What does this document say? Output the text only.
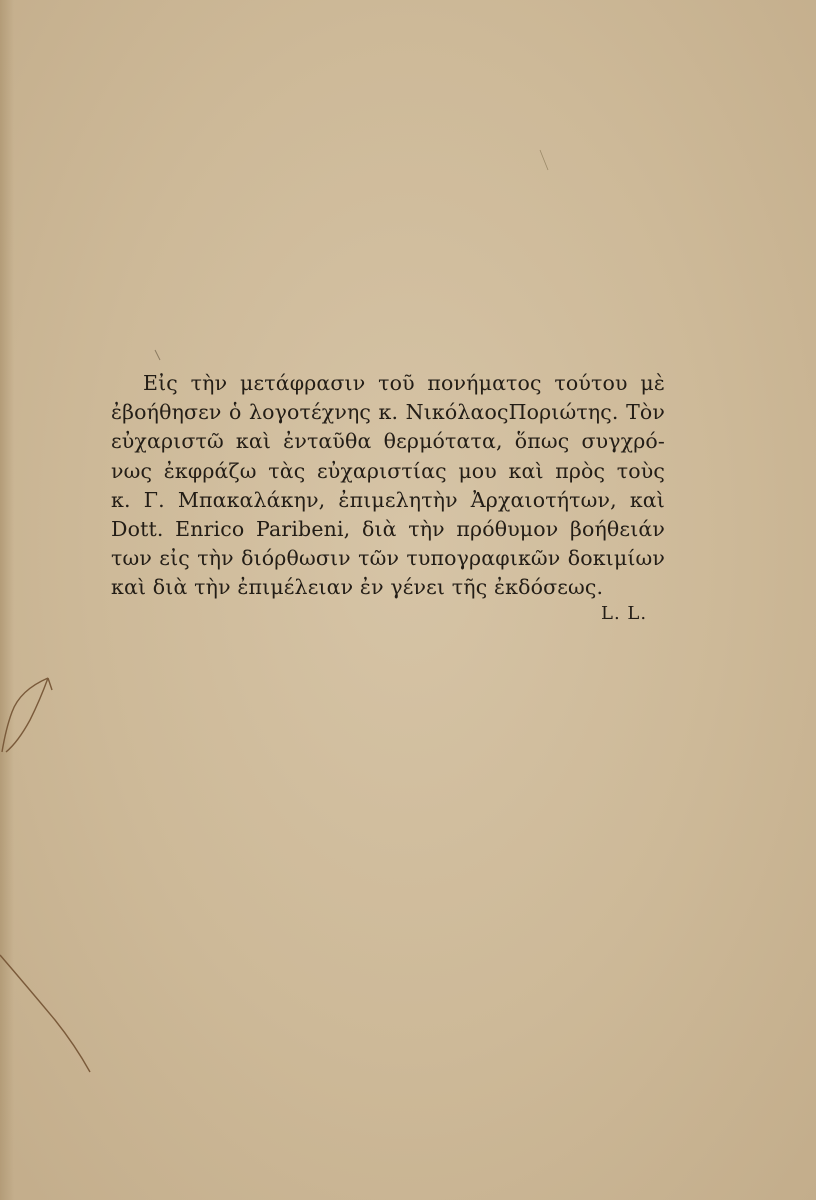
Εἰς τὴν μετάφρασιν τοῦ πονήματος τούτου μὲ
ἐβοήθησεν ὁ λογοτέχνης κ. ΝικόλαοςΠοριώτης. Τὸν
εὐχαριστῶ καὶ ἐνταῦθα θερμότατα, ὅπως συγχρό-
νως ἐκφράζω τὰς εὐχαριστίας μου καὶ πρὸς τοὺς
κ. Γ. Μπακαλάκην, ἐπιμελητὴν Ἀρχαιοτήτων, καὶ
Dott. Enrico Paribeni, διὰ τὴν πρόθυμον βοήθειάν
των εἰς τὴν διόρθωσιν τῶν τυπογραφικῶν δοκιμίων
καὶ διὰ τὴν ἐπιμέλειαν ἐν γένει τῆς ἐκδόσεως.
L. L.
